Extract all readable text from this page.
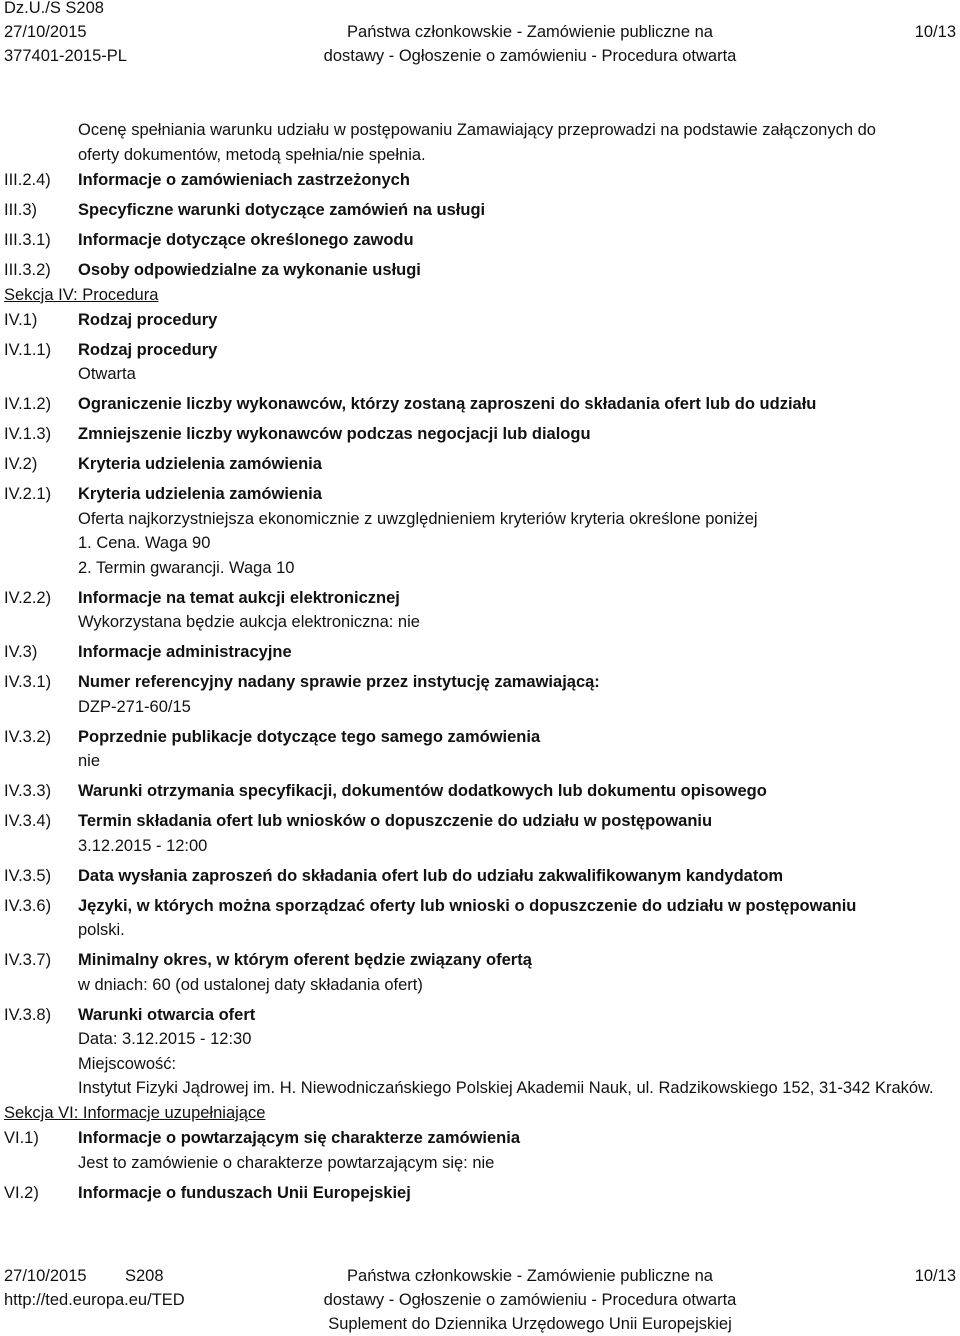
Dz.U./S S208
27/10/2015
377401-2015-PL
Państwa członkowskie - Zamówienie publiczne na
dostawy - Ogłoszenie o zamówieniu - Procedura otwarta
10/13
Ocenę spełniania warunku udziału w postępowaniu Zamawiający przeprowadzi na podstawie załączonych do
oferty dokumentów, metodą spełnia/nie spełnia.
III.2.4) Informacje o zamówieniach zastrzeżonych
III.3) Specyficzne warunki dotyczące zamówień na usługi
III.3.1) Informacje dotyczące określonego zawodu
III.3.2) Osoby odpowiedzialne za wykonanie usługi
Sekcja IV: Procedura
IV.1) Rodzaj procedury
IV.1.1) Rodzaj procedury
Otwarta
IV.1.2) Ograniczenie liczby wykonawców, którzy zostaną zaproszeni do składania ofert lub do udziału
IV.1.3) Zmniejszenie liczby wykonawców podczas negocjacji lub dialogu
IV.2) Kryteria udzielenia zamówienia
IV.2.1) Kryteria udzielenia zamówienia
Oferta najkorzystniejsza ekonomicznie z uwzględnieniem kryteriów kryteria określone poniżej
1. Cena. Waga 90
2. Termin gwarancji. Waga 10
IV.2.2) Informacje na temat aukcji elektronicznej
Wykorzystana będzie aukcja elektroniczna: nie
IV.3) Informacje administracyjne
IV.3.1) Numer referencyjny nadany sprawie przez instytucję zamawiającą:
DZP-271-60/15
IV.3.2) Poprzednie publikacje dotyczące tego samego zamówienia
nie
IV.3.3) Warunki otrzymania specyfikacji, dokumentów dodatkowych lub dokumentu opisowego
IV.3.4) Termin składania ofert lub wniosków o dopuszczenie do udziału w postępowaniu
3.12.2015 - 12:00
IV.3.5) Data wysłania zaproszeń do składania ofert lub do udziału zakwalifikowanym kandydatom
IV.3.6) Języki, w których można sporządzać oferty lub wnioski o dopuszczenie do udziału w postępowaniu
polski.
IV.3.7) Minimalny okres, w którym oferent będzie związany ofertą
w dniach: 60 (od ustalonej daty składania ofert)
IV.3.8) Warunki otwarcia ofert
Data: 3.12.2015 - 12:30
Miejscowość:
Instytut Fizyki Jądrowej im. H. Niewodniczańskiego Polskiej Akademii Nauk, ul. Radzikowskiego 152, 31-342 Kraków.
Sekcja VI: Informacje uzupełniające
VI.1) Informacje o powtarzającym się charakterze zamówienia
Jest to zamówienie o charakterze powtarzającym się: nie
VI.2) Informacje o funduszach Unii Europejskiej
27/10/2015 S208
http://ted.europa.eu/TED
Państwa członkowskie - Zamówienie publiczne na
dostawy - Ogłoszenie o zamówieniu - Procedura otwarta
Suplement do Dziennika Urzędowego Unii Europejskiej
10/13
